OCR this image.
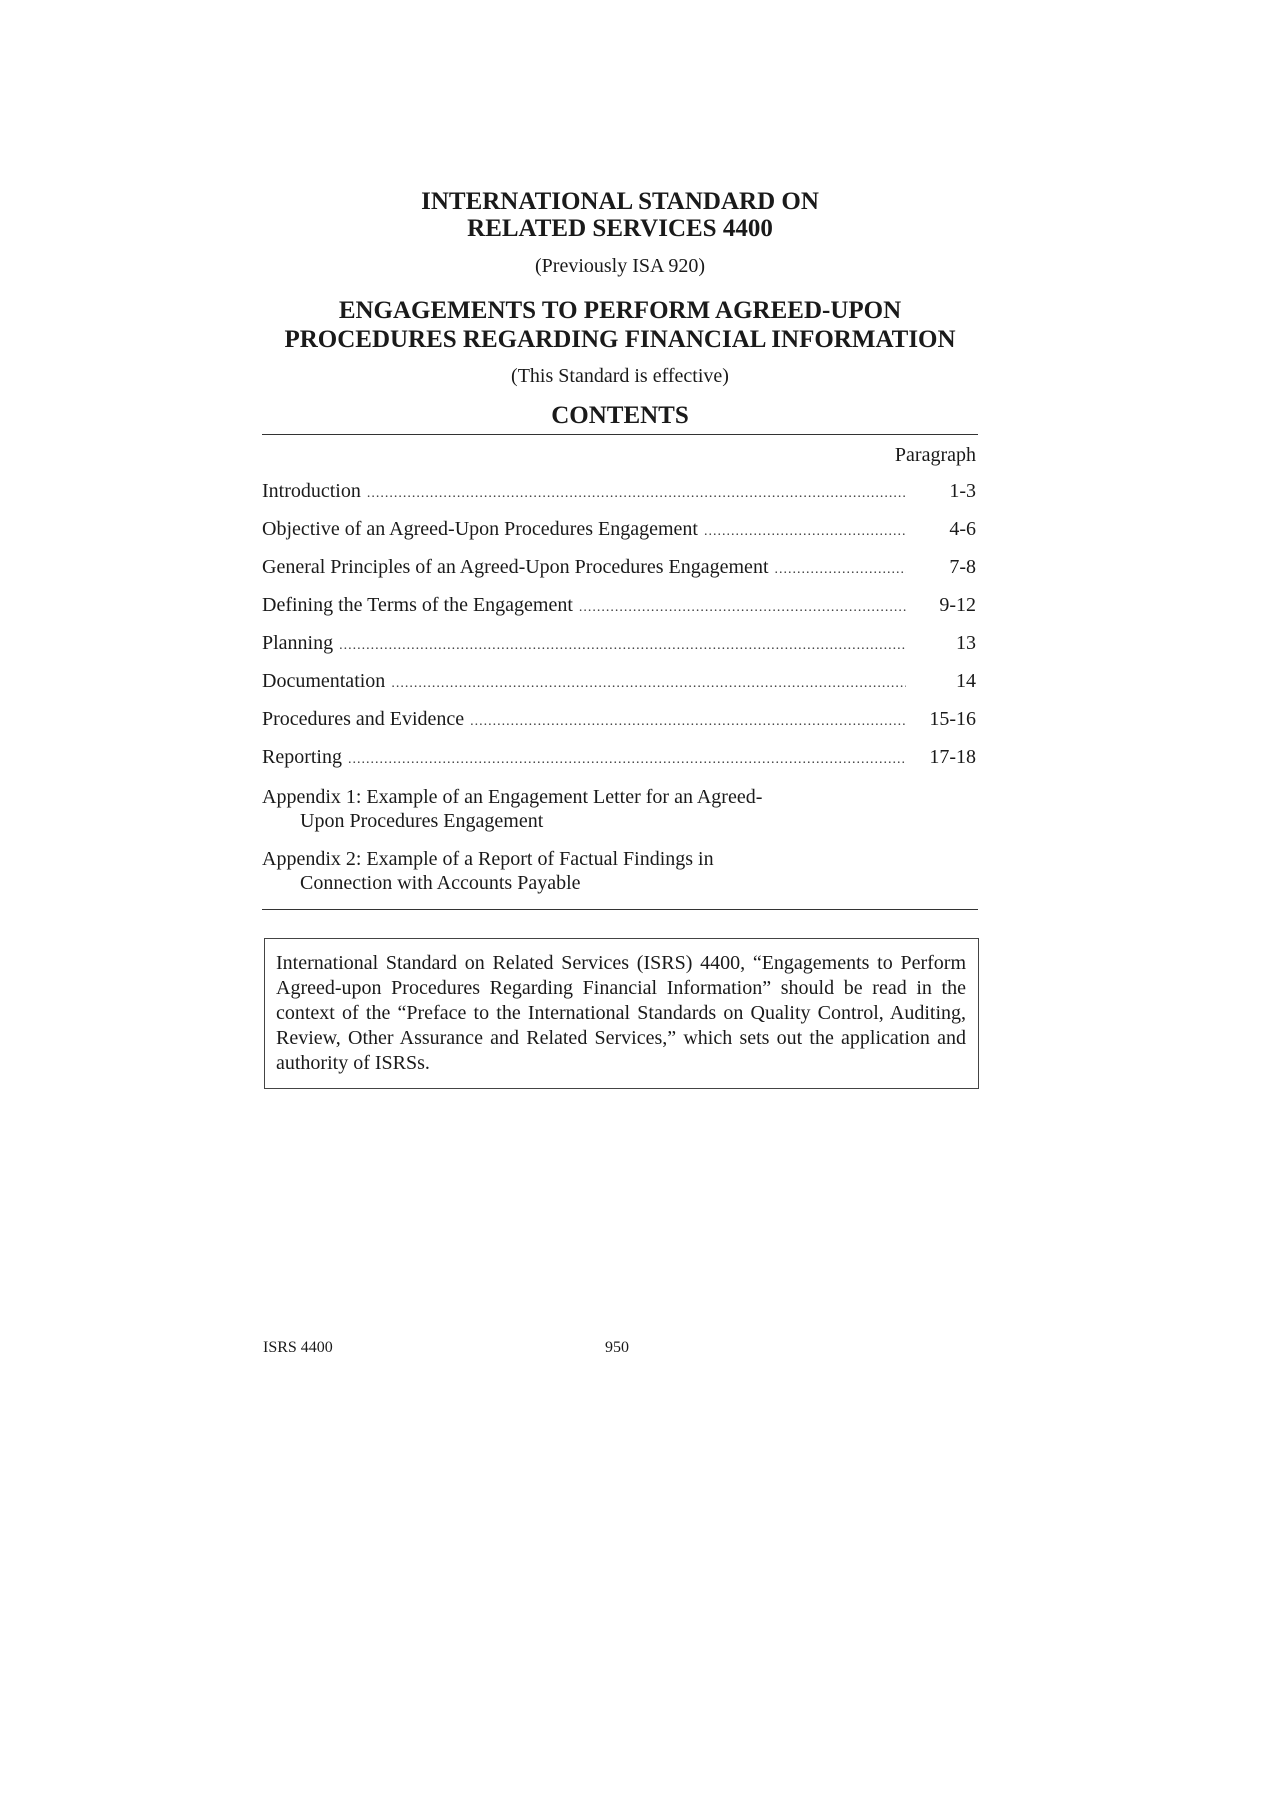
INTERNATIONAL STANDARD ON
RELATED SERVICES 4400

(Previously ISA 920)

ENGAGEMENTS TO PERFORM AGREED-UPON
PROCEDURES REGARDING FINANCIAL INFORMATION

(This Standard is effective)

CONTENTS

Paragraph
Introduction .....	1-3
Objective of an Agreed-Upon Procedures Engagement .....	4-6
General Principles of an Agreed-Upon Procedures Engagement .....	7-8
Defining the Terms of the Engagement .....	9-12
Planning .....	13
Documentation .....	14
Procedures and Evidence .....	15-16
Reporting .....	17-18
Appendix 1: Example of an Engagement Letter for an Agreed-
Upon Procedures Engagement
Appendix 2: Example of a Report of Factual Findings in
Connection with Accounts Payable
International Standard on Related Services (ISRS) 4400, “Engagements to Perform Agreed-upon Procedures Regarding Financial Information” should be read in the context of the “Preface to the International Standards on Quality Control, Auditing, Review, Other Assurance and Related Services,” which sets out the application and authority of ISRSs.
ISRS 4400	950
